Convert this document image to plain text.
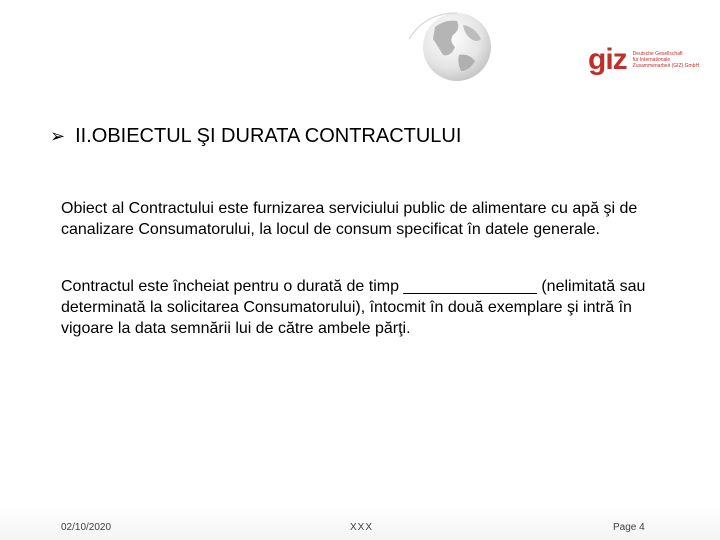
giz Deutsche Gesellschaft
für Internationale
Zusammenarbeit (GIZ) GmbH
➢ II.OBIECTUL ŞI DURATA CONTRACTULUI
Obiect al Contractului este furnizarea serviciului public de alimentare cu apă şi de canalizare Consumatorului, la locul de consum specificat în datele generale.
Contractul este încheiat pentru o durată de timp _______________ (nelimitată sau determinată la solicitarea Consumatorului), întocmit în două exemplare şi intră în vigoare la data semnării lui de către ambele părţi.
02/10/2020	XXX	Page 4
